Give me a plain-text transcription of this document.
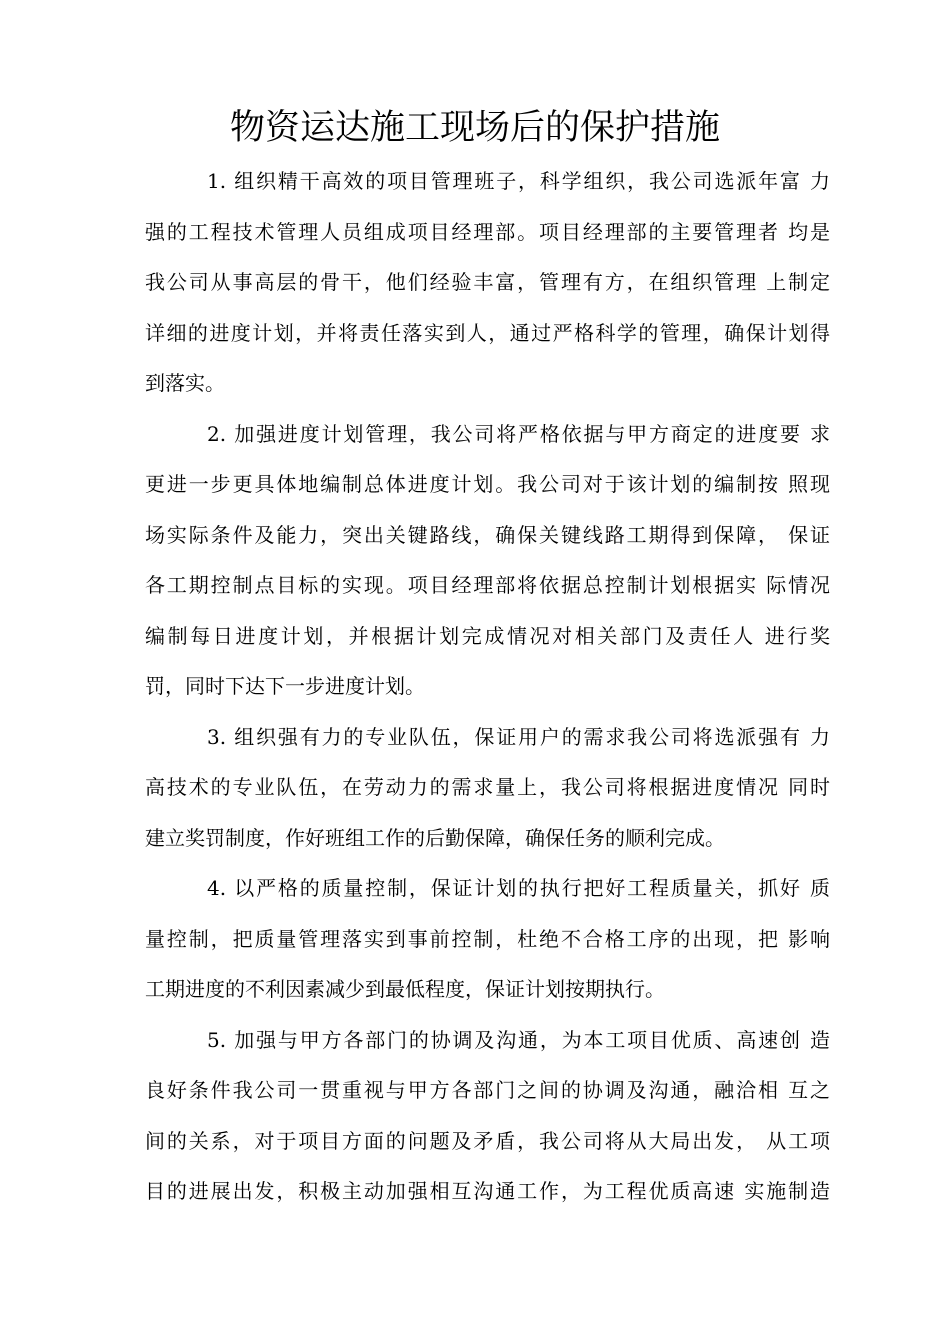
物资运达施工现场后的保护措施
1. 组织精干高效的项目管理班子，科学组织，我公司选派年富 力
强的工程技术管理人员组成项目经理部。项目经理部的主要管理者 均是
我公司从事高层的骨干，他们经验丰富，管理有方，在组织管理 上制定
详细的进度计划，并将责任落实到人，通过严格科学的管理，确保计划得
到落实。
2. 加强进度计划管理，我公司将严格依据与甲方商定的进度要 求
更进一步更具体地编制总体进度计划。我公司对于该计划的编制按 照现
场实际条件及能力，突出关键路线，确保关键线路工期得到保障， 保证
各工期控制点目标的实现。项目经理部将依据总控制计划根据实 际情况
编制每日进度计划，并根据计划完成情况对相关部门及责任人 进行奖
罚，同时下达下一步进度计划。
3. 组织强有力的专业队伍，保证用户的需求我公司将选派强有 力
高技术的专业队伍，在劳动力的需求量上，我公司将根据进度情况 同时
建立奖罚制度，作好班组工作的后勤保障，确保任务的顺利完成。
4. 以严格的质量控制，保证计划的执行把好工程质量关，抓好 质
量控制，把质量管理落实到事前控制，杜绝不合格工序的出现，把 影响
工期进度的不利因素减少到最低程度，保证计划按期执行。
5. 加强与甲方各部门的协调及沟通，为本工项目优质、高速创 造
良好条件我公司一贯重视与甲方各部门之间的协调及沟通，融洽相 互之
间的关系，对于项目方面的问题及矛盾，我公司将从大局出发， 从工项
目的进展出发，积极主动加强相互沟通工作，为工程优质高速 实施制造
